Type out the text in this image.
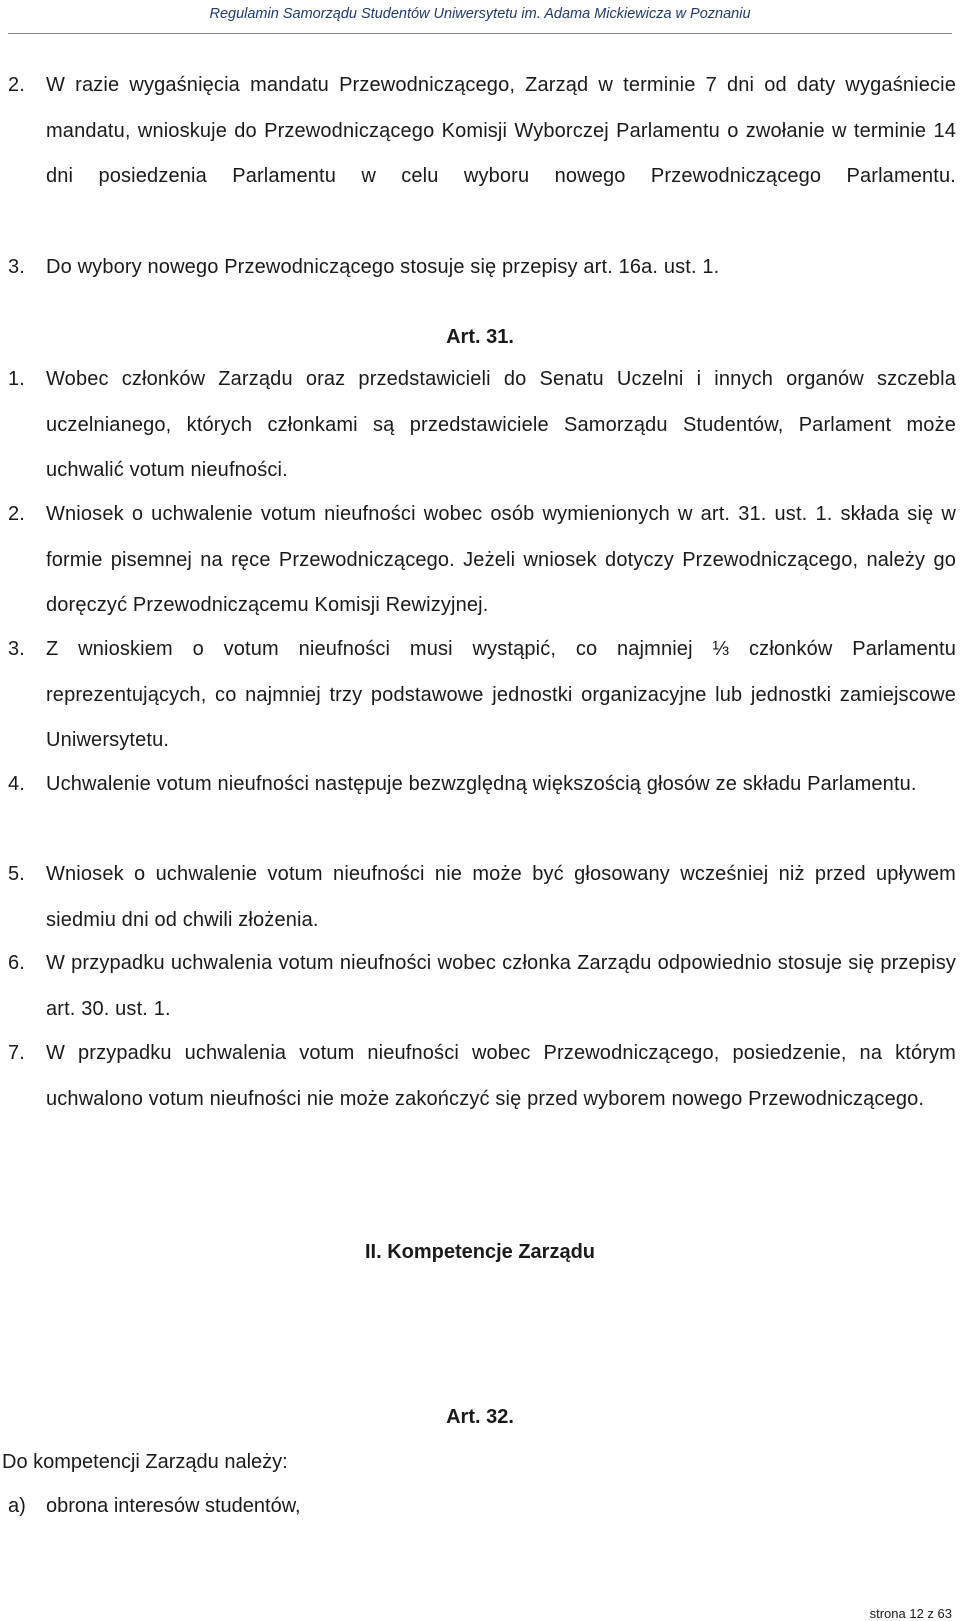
Regulamin Samorządu Studentów Uniwersytetu im. Adama Mickiewicza w Poznaniu
2. W razie wygaśnięcia mandatu Przewodniczącego, Zarząd w terminie 7 dni od daty wygaśniecie mandatu, wnioskuje do Przewodniczącego Komisji Wyborczej Parlamentu o zwołanie w terminie 14 dni posiedzenia Parlamentu w celu wyboru nowego Przewodniczącego Parlamentu.
3. Do wybory nowego Przewodniczącego stosuje się przepisy art. 16a. ust. 1.
Art. 31.
1. Wobec członków Zarządu oraz przedstawicieli do Senatu Uczelni i innych organów szczebla uczelnianego, których członkami są przedstawiciele Samorządu Studentów, Parlament może uchwalić votum nieufności.
2. Wniosek o uchwalenie votum nieufności wobec osób wymienionych w art. 31. ust. 1. składa się w formie pisemnej na ręce Przewodniczącego. Jeżeli wniosek dotyczy Przewodniczącego, należy go doręczyć Przewodniczącemu Komisji Rewizyjnej.
3. Z wnioskiem o votum nieufności musi wystąpić, co najmniej ⅓ członków Parlamentu reprezentujących, co najmniej trzy podstawowe jednostki organizacyjne lub jednostki zamiejscowe Uniwersytetu.
4. Uchwalenie votum nieufności następuje bezwzględną większością głosów ze składu Parlamentu.
5. Wniosek o uchwalenie votum nieufności nie może być głosowany wcześniej niż przed upływem siedmiu dni od chwili złożenia.
6. W przypadku uchwalenia votum nieufności wobec członka Zarządu odpowiednio stosuje się przepisy art. 30. ust. 1.
7. W przypadku uchwalenia votum nieufności wobec Przewodniczącego, posiedzenie, na którym uchwalono votum nieufności nie może zakończyć się przed wyborem nowego Przewodniczącego.
II. Kompetencje Zarządu
Art. 32.
Do kompetencji Zarządu należy:
a) obrona interesów studentów,
strona 12 z 63
